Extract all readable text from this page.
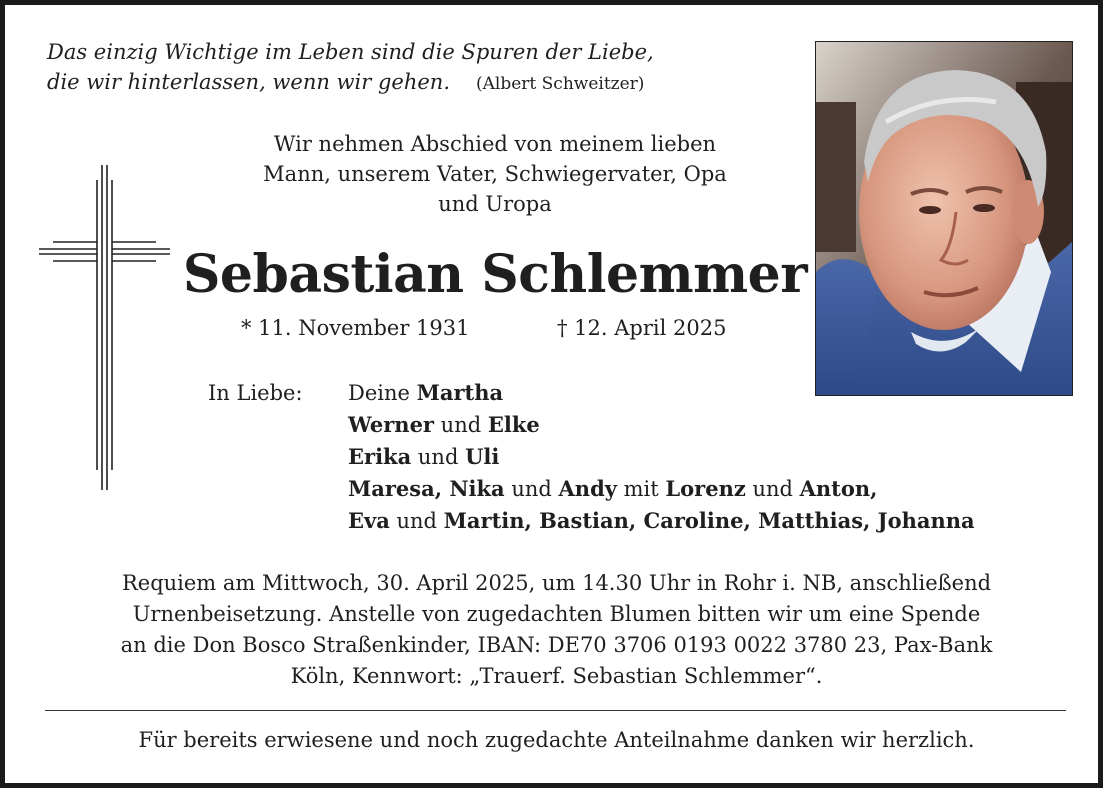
Das einzig Wichtige im Leben sind die Spuren der Liebe,
die wir hinterlassen, wenn wir gehen. (Albert Schweitzer)
Wir nehmen Abschied von meinem lieben
Mann, unserem Vater, Schwiegervater, Opa
und Uropa
Sebastian Schlemmer
* 11. November 1931	† 12. April 2025
In Liebe: Deine Martha
Werner und Elke
Erika und Uli
Maresa, Nika und Andy mit Lorenz und Anton,
Eva und Martin, Bastian, Caroline, Matthias, Johanna
Requiem am Mittwoch, 30. April 2025, um 14.30 Uhr in Rohr i. NB, anschließend
Urnenbeisetzung. Anstelle von zugedachten Blumen bitten wir um eine Spende
an die Don Bosco Straßenkinder, IBAN: DE70 3706 0193 0022 3780 23, Pax-Bank
Köln, Kennwort: „Trauerf. Sebastian Schlemmer“.
Für bereits erwiesene und noch zugedachte Anteilnahme danken wir herzlich.
